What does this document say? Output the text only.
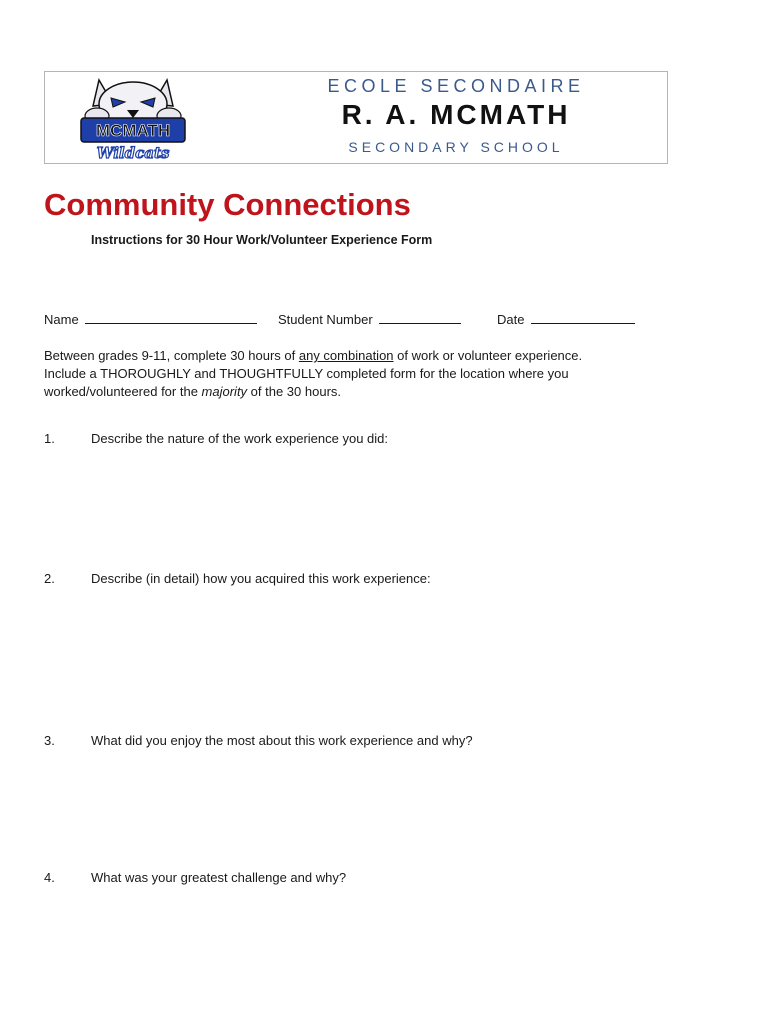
MCMATH
Wildcats
ECOLE SECONDAIRE
R. A. MCMATH
SECONDARY SCHOOL
Community Connections
Instructions for 30 Hour Work/Volunteer Experience Form
Name	Student Number	Date
Between grades 9-11, complete 30 hours of any combination of work or volunteer experience.
Include a THOROUGHLY and THOUGHTFULLY completed form for the location where you
worked/volunteered for the majority of the 30 hours.
1.	Describe the nature of the work experience you did:
2.	Describe (in detail) how you acquired this work experience:
3.	What did you enjoy the most about this work experience and why?
4.	What was your greatest challenge and why?
